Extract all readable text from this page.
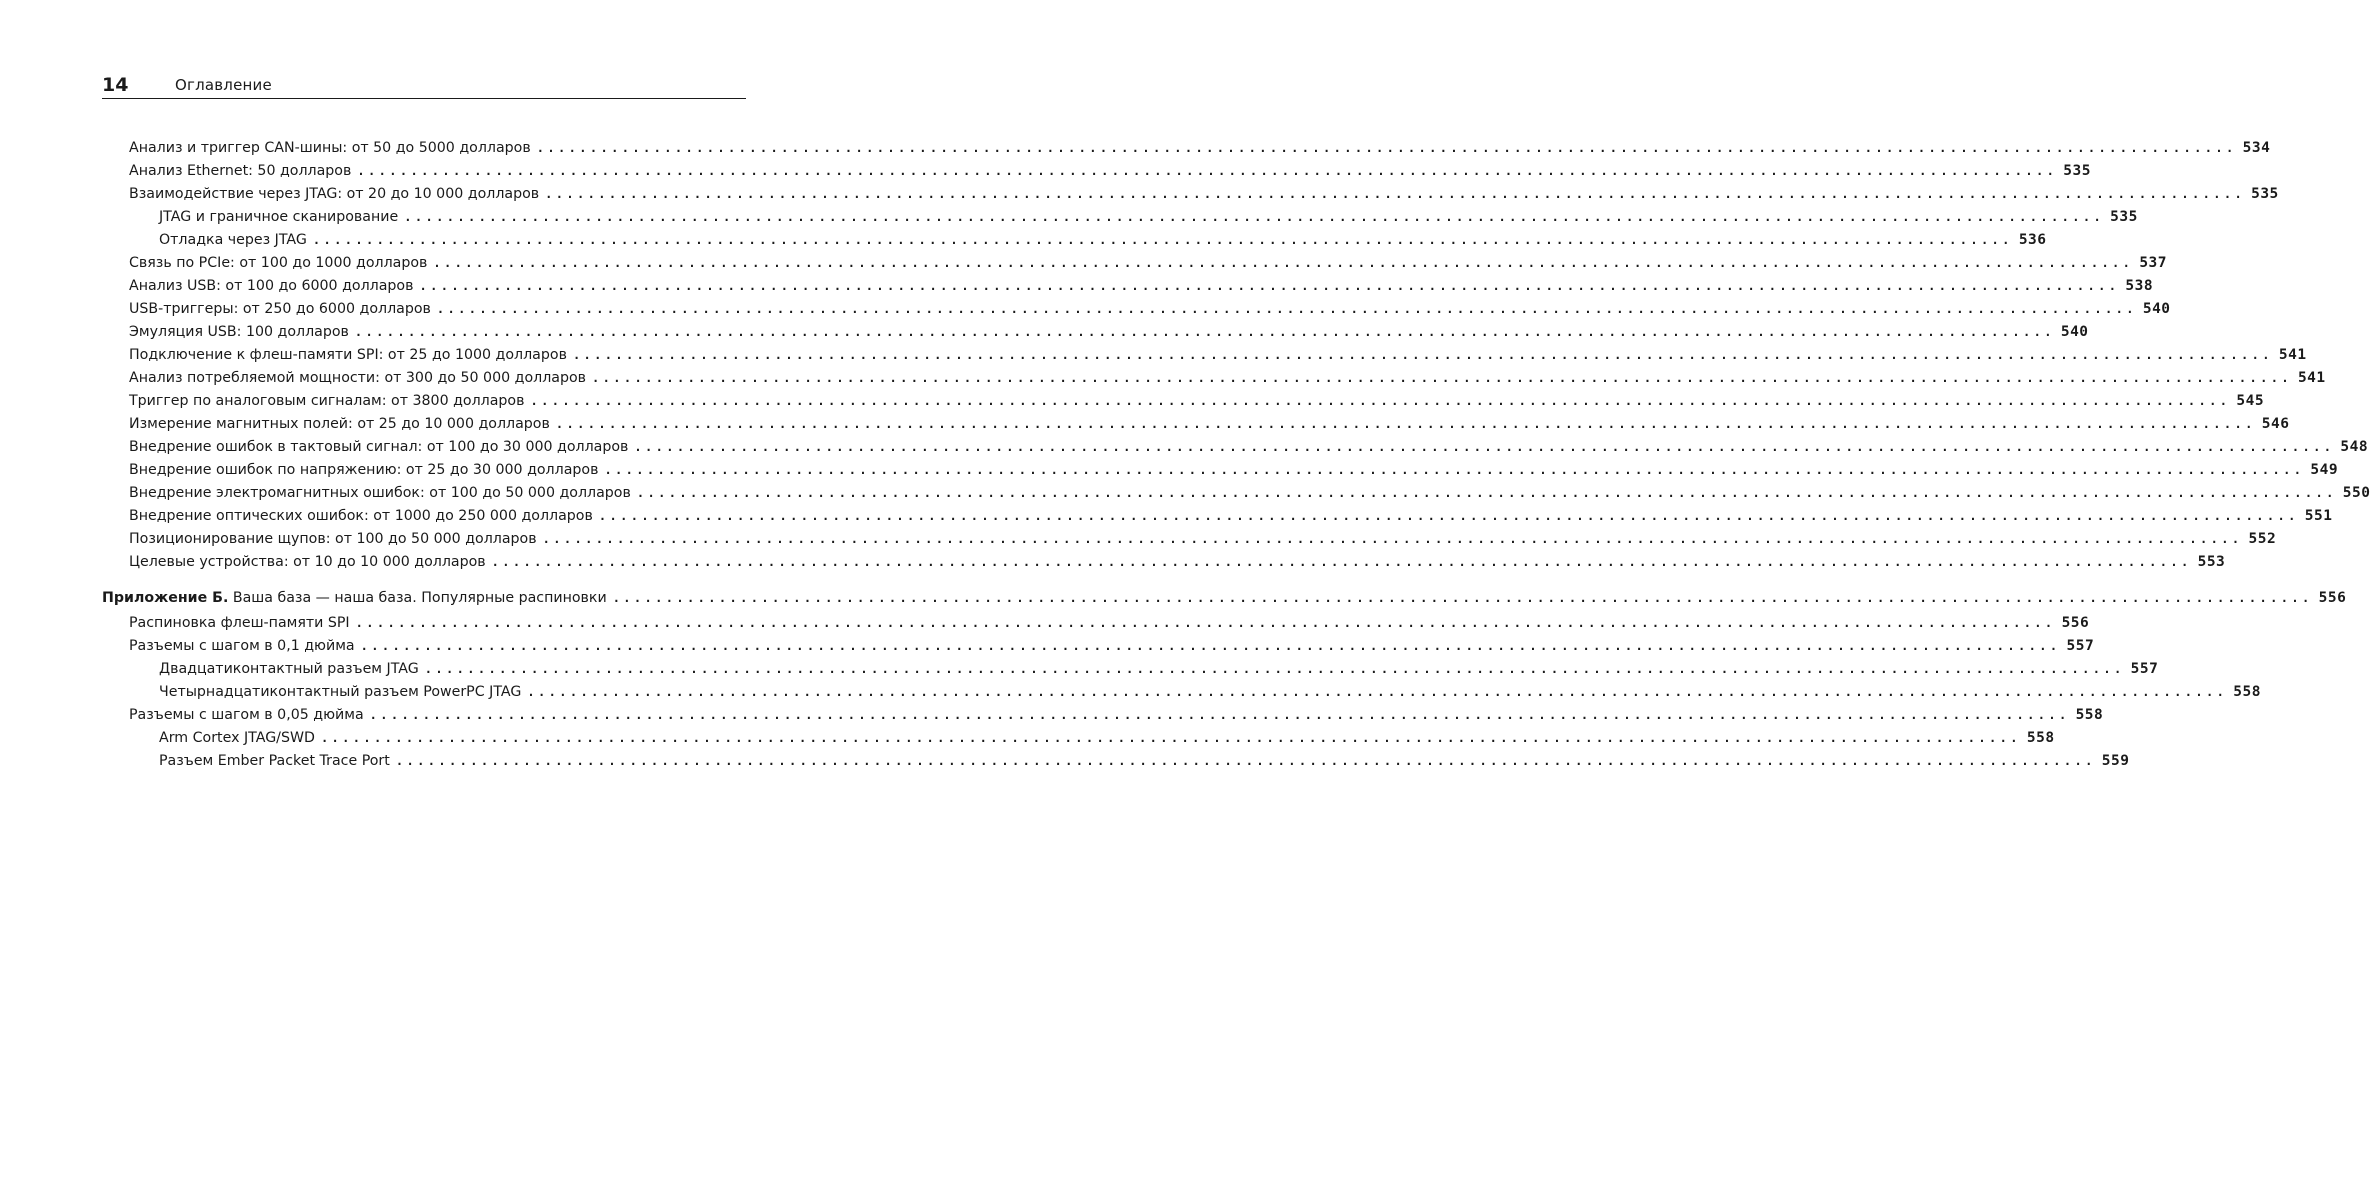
14	Оглавление
Анализ и триггер CAN-шины: от 50 до 5000 долларов ................................................................................................................................................................ 534
Анализ Ethernet: 50 долларов ................................................................................................................................................................ 535
Взаимодействие через JTAG: от 20 до 10 000 долларов ................................................................................................................................................................ 535
JTAG и граничное сканирование ................................................................................................................................................................ 535
Отладка через JTAG ................................................................................................................................................................ 536
Связь по PCIe: от 100 до 1000 долларов ................................................................................................................................................................ 537
Анализ USB: от 100 до 6000 долларов ................................................................................................................................................................ 538
USB-триггеры: от 250 до 6000 долларов ................................................................................................................................................................ 540
Эмуляция USB: 100 долларов ................................................................................................................................................................ 540
Подключение к флеш-памяти SPI: от 25 до 1000 долларов ................................................................................................................................................................ 541
Анализ потребляемой мощности: от 300 до 50 000 долларов ................................................................................................................................................................ 541
Триггер по аналоговым сигналам: от 3800 долларов ................................................................................................................................................................ 545
Измерение магнитных полей: от 25 до 10 000 долларов ................................................................................................................................................................ 546
Внедрение ошибок в тактовый сигнал: от 100 до 30 000 долларов ................................................................................................................................................................ 548
Внедрение ошибок по напряжению: от 25 до 30 000 долларов ................................................................................................................................................................ 549
Внедрение электромагнитных ошибок: от 100 до 50 000 долларов ................................................................................................................................................................ 550
Внедрение оптических ошибок: от 1000 до 250 000 долларов ................................................................................................................................................................ 551
Позиционирование щупов: от 100 до 50 000 долларов ................................................................................................................................................................ 552
Целевые устройства: от 10 до 10 000 долларов ................................................................................................................................................................ 553
Приложение Б. Ваша база — наша база. Популярные распиновки ................................................................................................................................................................ 556
Распиновка флеш-памяти SPI ................................................................................................................................................................ 556
Разъемы с шагом в 0,1 дюйма ................................................................................................................................................................ 557
Двадцатиконтактный разъем JTAG ................................................................................................................................................................ 557
Четырнадцатиконтактный разъем PowerPC JTAG ................................................................................................................................................................ 558
Разъемы с шагом в 0,05 дюйма ................................................................................................................................................................ 558
Arm Cortex JTAG/SWD ................................................................................................................................................................ 558
Разъем Ember Packet Trace Port ................................................................................................................................................................ 559
